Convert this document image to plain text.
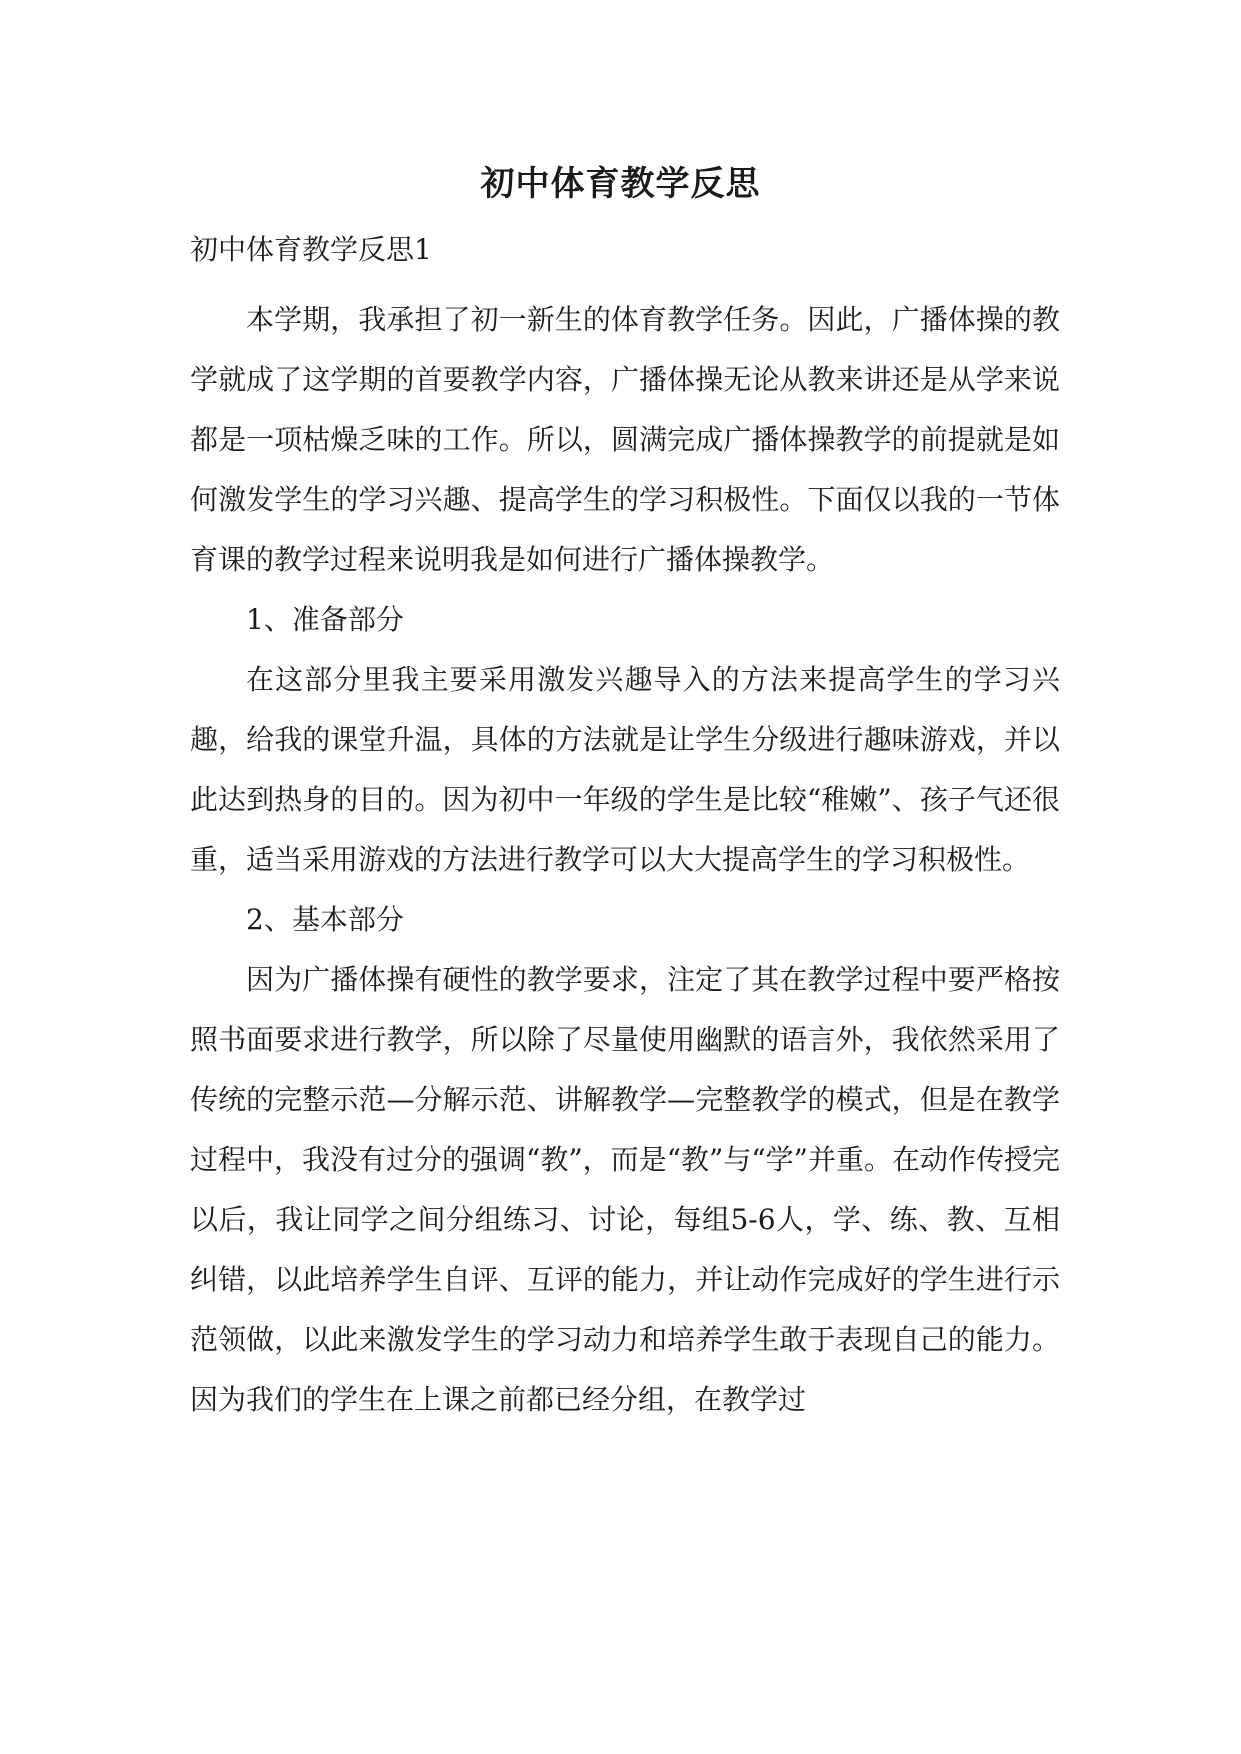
初中体育教学反思
初中体育教学反思1

本学期，我承担了初一新生的体育教学任务。因此，广播体操的教学就成了这学期的首要教学内容，广播体操无论从教来讲还是从学来说都是一项枯燥乏味的工作。所以，圆满完成广播体操教学的前提就是如何激发学生的学习兴趣、提高学生的学习积极性。下面仅以我的一节体育课的教学过程来说明我是如何进行广播体操教学。

1、准备部分

在这部分里我主要采用激发兴趣导入的方法来提高学生的学习兴趣，给我的课堂升温，具体的方法就是让学生分级进行趣味游戏，并以此达到热身的目的。因为初中一年级的学生是比较“稚嫩”、孩子气还很重，适当采用游戏的方法进行教学可以大大提高学生的学习积极性。

2、基本部分

因为广播体操有硬性的教学要求，注定了其在教学过程中要严格按照书面要求进行教学，所以除了尽量使用幽默的语言外，我依然采用了传统的完整示范—分解示范、讲解教学—完整教学的模式，但是在教学过程中，我没有过分的强调“教”，而是“教”与“学”并重。在动作传授完以后，我让同学之间分组练习、讨论，每组5-6人，学、练、教、互相纠错，以此培养学生自评、互评的能力，并让动作完成好的学生进行示范领做，以此来激发学生的学习动力和培养学生敢于表现自己的能力。因为我们的学生在上课之前都已经分组，在教学过
